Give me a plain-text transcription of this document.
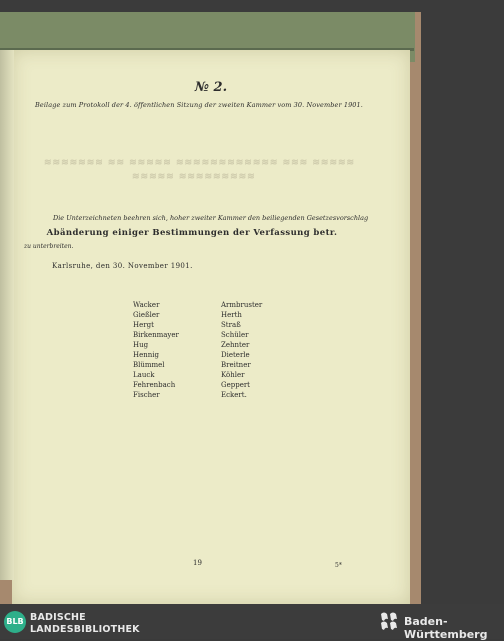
№ 2.
Beilage zum Protokoll der 4. öffentlichen Sitzung der zweiten Kammer vom 30. November 1901.
≋≋≋≋≋≋≋ ≋≋ ≋≋≋≋≋ ≋≋≋≋≋≋≋≋≋≋≋≋ ≋≋≋ ≋≋≋≋≋
≋≋≋≋≋ ≋≋≋≋≋≋≋≋≋
Die Unterzeichneten beehren sich, hoher zweiter Kammer den beiliegenden Gesetzesvorschlag
Abänderung einiger Bestimmungen der Verfassung betr.
zu unterbreiten.
Karlsruhe, den 30. November 1901.
Wacker
Gießler
Hergt
Birkenmayer
Hug
Hennig
Blümmel
Lauck
Fehrenbach
Fischer
Armbruster
Herth
Straß
Schüler
Zehnter
Dieterle
Breitner
Köhler
Geppert
Eckert.
19	5*
BLB BADISCHE
LANDESBIBLIOTHEK
Baden-Württemberg
